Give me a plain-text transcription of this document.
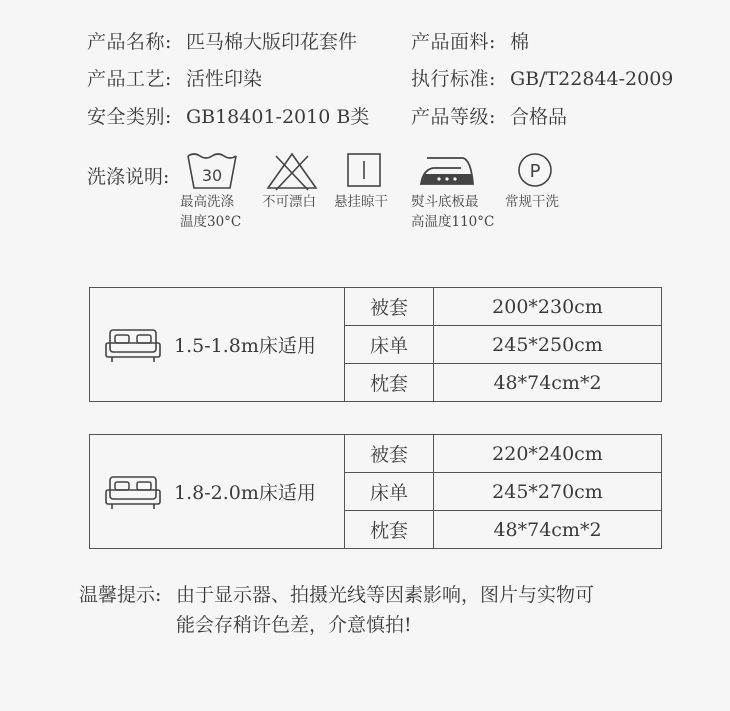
产品名称: 匹马棉大版印花套件	产品面料: 棉
产品工艺: 活性印染	执行标准: GB/T22844-2009
安全类别: GB18401-2010 B类 产品等级: 合格品
洗涤说明: 30
最高洗涤
温度30°C
不可漂白	悬挂晾干	熨斗底板最
高温度110°C
P
常规干洗
1.5-1.8m床适用	被套	200*230cm
	床单	245*250cm
	枕套	48*74cm*2
1.8-2.0m床适用	被套	220*240cm
	床单	245*270cm
	枕套	48*74cm*2
温馨提示: 由于显示器、拍摄光线等因素影响，图片与实物可
能会存稍许色差，介意慎拍!
